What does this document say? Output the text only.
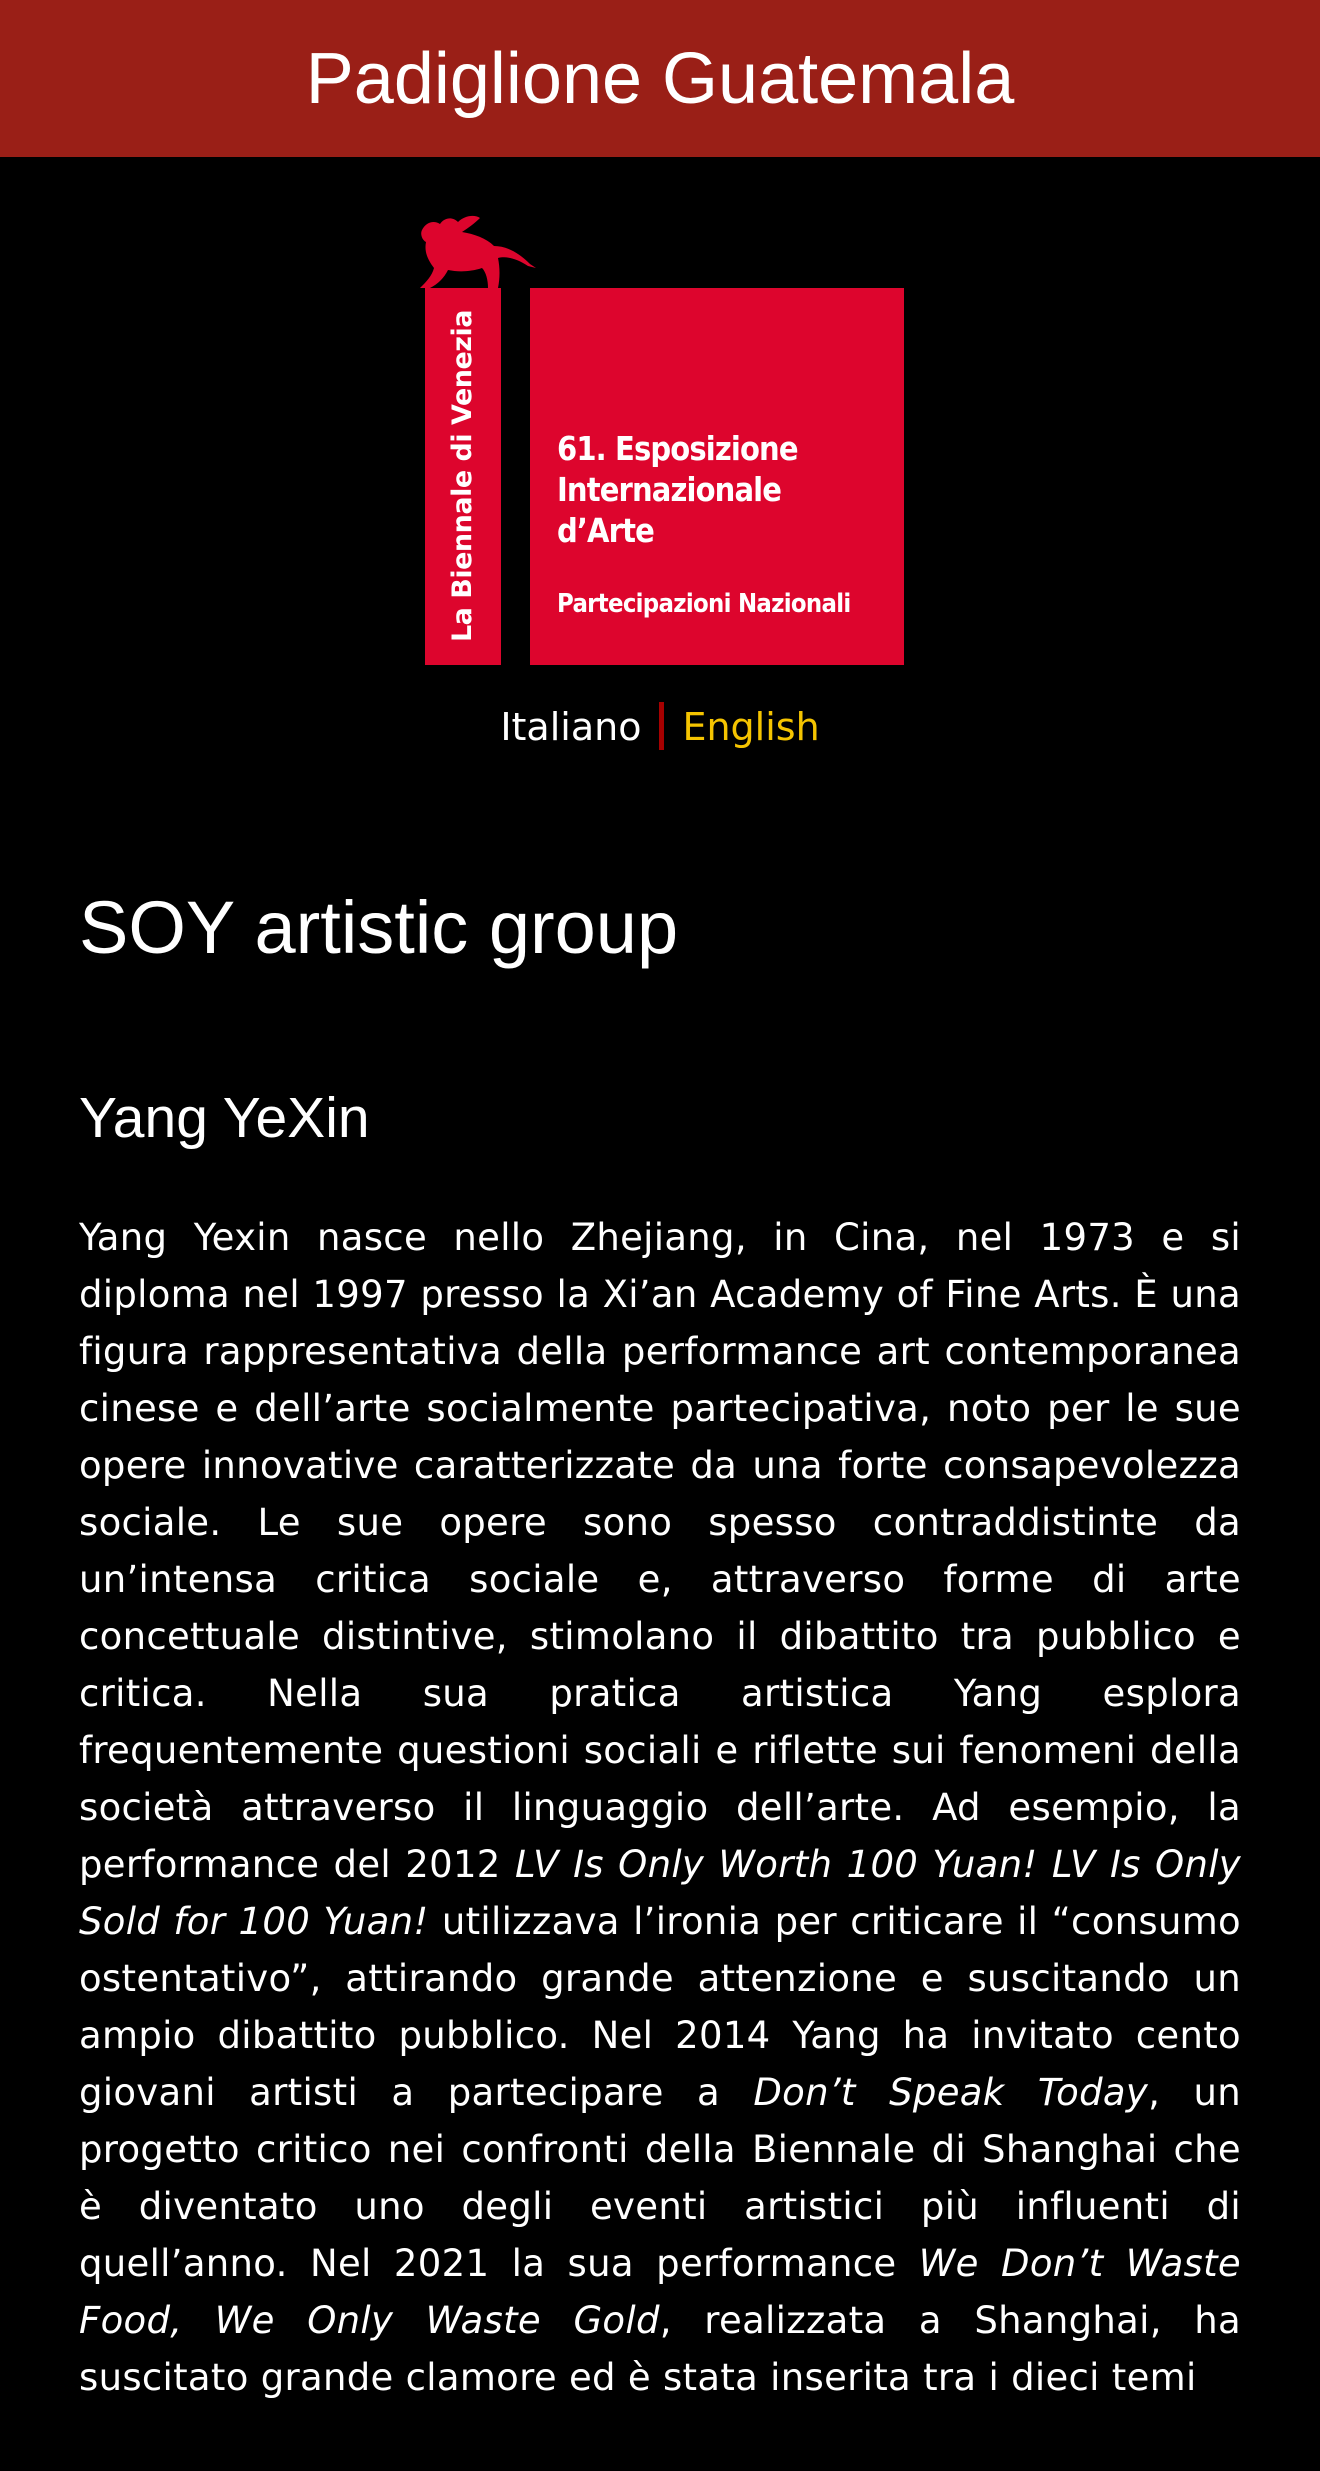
Padiglione Guatemala
La Biennale di Venezia 61. Esposizione
Internazionale
d’Arte
Partecipazioni Nazionali
Italiano English
SOY artistic group
Yang YeXin

Yang Yexin nasce nello Zhejiang, in Cina, nel 1973 e si diploma nel 1997 presso la Xi’an Academy of Fine Arts. È una figura rappresentativa della performance art contemporanea cinese e dell’arte socialmente partecipativa, noto per le sue opere innovative caratterizzate da una forte consapevolezza sociale. Le sue opere sono spesso contraddistinte da un’intensa critica sociale e, attraverso forme di arte concettuale distintive, stimolano il dibattito tra pubblico e critica. Nella sua pratica artistica Yang esplora frequentemente questioni sociali e riflette sui fenomeni della società attraverso il linguaggio dell’arte. Ad esempio, la performance del 2012 LV Is Only Worth 100 Yuan! LV Is Only Sold for 100 Yuan! utilizzava l’ironia per criticare il “consumo ostentativo”, attirando grande attenzione e suscitando un ampio dibattito pubblico. Nel 2014 Yang ha invitato cento giovani artisti a partecipare a Don’t Speak Today, un progetto critico nei confronti della Biennale di Shanghai che è diventato uno degli eventi artistici più influenti di quell’anno. Nel 2021 la sua performance We Don’t Waste Food, We Only Waste Gold, realizzata a Shanghai, ha suscitato grande clamore ed è stata inserita tra i dieci temi
